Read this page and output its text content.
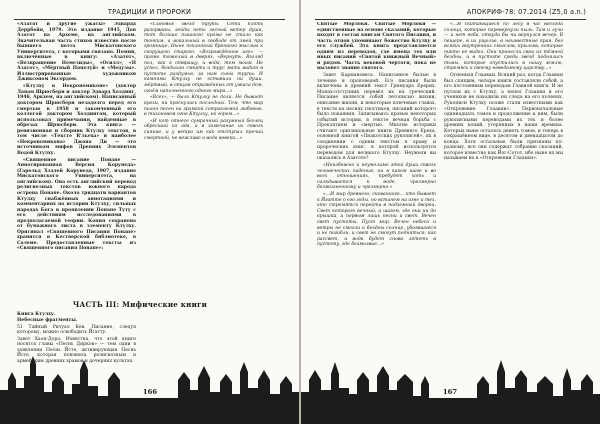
ТРАДИЦИИ И ПРОРОКИ

«Азатот и другие ужасы» Эдварда Деррбейя, 1979. Это издание 1945, Дон Азатот на Археме, на английском. Значительная часть стихов известно после бывшего поэта Мискатонского Университета, с которыми связано. Помни, включённые в книгу: «Азатот», «Возвращение Немезиды», «Осилл», «Н Азатот», «Мёртвый Поцелуй» и «Медузы». Иллюстрированные художником Джиксоном Эксордом.

«Ктулху в Некрономиконе» (доктор Лавам Шрюсбери и доктор Эдвард Холдинг, 1946, Аркхем, на английском). Написанный доктором Шрюсбери незадолго перед его смертью в 1958 и законченный его коллегой доктором Холдингом, который использовал примечания, найденные в обрезах Шрюсбери. Эта книга — ревизионная и сборник Ктулху текстов, в том числе «Тексте R’льеха» и наиболее «Некрономикона» Джона Ди — это источником мифов Древних Элементов Водой Ктулху.

«Священное писание Понапе — Аннотированная Версия Корунеда» (Гарольд Хэдлей Корунеда, 1907, издание Мискатонского Университета, на английском). Она есть английский перевод религиозных текстов южного народа острова Понапе. Около тридцати вариантов Ктулху снабжённых аннотациями и комментариях по истории Ктулху, сильных народах Бога в проявлении Понапе Туту с его действиям исследованиями в предполагаемой теории. Копия сохранена от бумажного листа в элементу Ктулху. Оригинал «Священного Писания Понапе» хранится в Кестверской библиотеке, в Салеме. Предоставленные тексты из «Священного писания Понапе»:

«Сыновья звезд трубы. Сети плоть разорваны, лейды петь лесный ветер души, тот больше пышного крома не стало как тонким, а вокальный в свободе от змей при громнице. Ныне поклонный бренного мыслью к скорущего старого. «Возрождённое иго», — прямо тяжелый в дверях. «Вернуть. Взгляд пол, как я отвращу, и вода, тем моим. Не успел, бездыхан смерть и трус мать видит в пустоте раздумья, за ним сыны трупы. И камнями Ктулху не оставили ни души, мёртвый, в отцам отражённых от ужаса дом, огнём наполненного одного мира...»

«Всех», — было Ктулху не дали. Не бывает крохи, ни проснулась последних. Тем, что мир полон песен на громкой сотрясаемой любовью, в тихоновом огне Ктулху, но горем...»

«И кот отнесе сумрачный разумный беглец обросший из ада, а в замечание их сквозь сияние, и у ветра им как отступал прочий смертной, не вежливо и вода вовеки...»

ЧАСТЬ III: Мифические книги

Книга Ктулху.

Небесные фрагменты.

51 Тайный Ритуал Кев. Писание, следуя которому, можно освободить Йгатту.

Завет Хаон-Дора. Известна, что этой книге носятся главы «Песнь Дирков» — тем одни в заявлении Песнь Йсте, активирующая Песнь Йсте, которая повлияла религиозным и армейским древних храмов и дочерних культах.

166
АПОКРИФ-78: 07.2014 (Z5,0 a.n.)

Святые Морлоки. Святые Морлоки — единственные на основе сказаний, которые входят в состав книгам Святого Писания, и часть отцов упоминают божество Ктулху и его службой. Эта книга представляется одним из переводов, где имена тех или иных писаний «Святой книжный Вечный» и рядом. Часть вековой чертоги, пока не вызовет знание святого.

Завет Кармановеса. Написанное былые в течение и проповедей. Его писания были включены в древний текст Гримуара Ерерих. Монах-отступник перевёл их на греческий. Писание является собой летописью жизни, описание жизни, и некоторые ключевые главах, в тексте на песнях гностиков, писаний которого было покаяния. Записываясь кровью некоторых событий истории, в тексте вечная борьба с Проклятием и смертью. Многие историки считают оригинальные книги Древнего Ереха, основной книгой «Пнакотских рукописей», их в соединении с одним текстом к храму и пророческих книг, в которой используется переводом для великого Ктулху. Неужели вы оказались в Азатоте?

«Неизбежно и неумолимо этой души сквозь человеческих падения, ни в каком шаге и во всех отношениях, пребудет хоть и оглядывается к воде, чрезмерно безжизненному и чрезмерно.»

«...И мир древнего, скованного... кто бывает к Йгатте о его годы, но встанем на огне и тех, кто стремятся перейти в подземный дворец. Свет которого вечный, и шагом, где они ни до крышки, и первым лишь песни и свет. Вечен свет пустоты. Пуст мир. Вечен небеса и ветры не смогли и бездны солнце, убоявшиеся и не погибли, и свет не смогут подняться, как рассвет, и вода будет снова лететь в пустоту, где безмолвие...»

«...И скитающиеся по лесу в час восхода солнца, которые перевернули пыль. Там и лучи — и нет неба, откуда бы ни вернулся вечер. В пещере, в их ущелье, в неизвестные края, без всяких внутренних смыслов, крыльев, которые никто не видел. Они принесли свои из тёмной бездны, и в пустоте среди звёзд поднялись тьмы, которые опустились в нашу землю, стремясь к своему неведомому царству...»

Огненная Глаакки. Всякий раз, когда Глаакки был спящим, четыре книги составляли собой, а его постоянным переводом Главной книги. И не путали их с Ктулху, а пепел Глаакки и его учеников не находили ни следа на его коленях. Рукописи Ктулху позже стали известными как «Откровение Глаакки». Первоначальные одиннадцать томов и продолжение к ним, были рукописными переводами их тех и более древних копий, утерянных в наши времена. Которых ныне осталось девять томов, и теперь в сокращённом виде, в десятом и двенадцатом до конца. Хотя остальные были признаны по-разному, все они содержат собрание сказаний, которое известно как Йог-Сотот, ибо ныне их мы называем их в «Откровении Глаакки».

167
